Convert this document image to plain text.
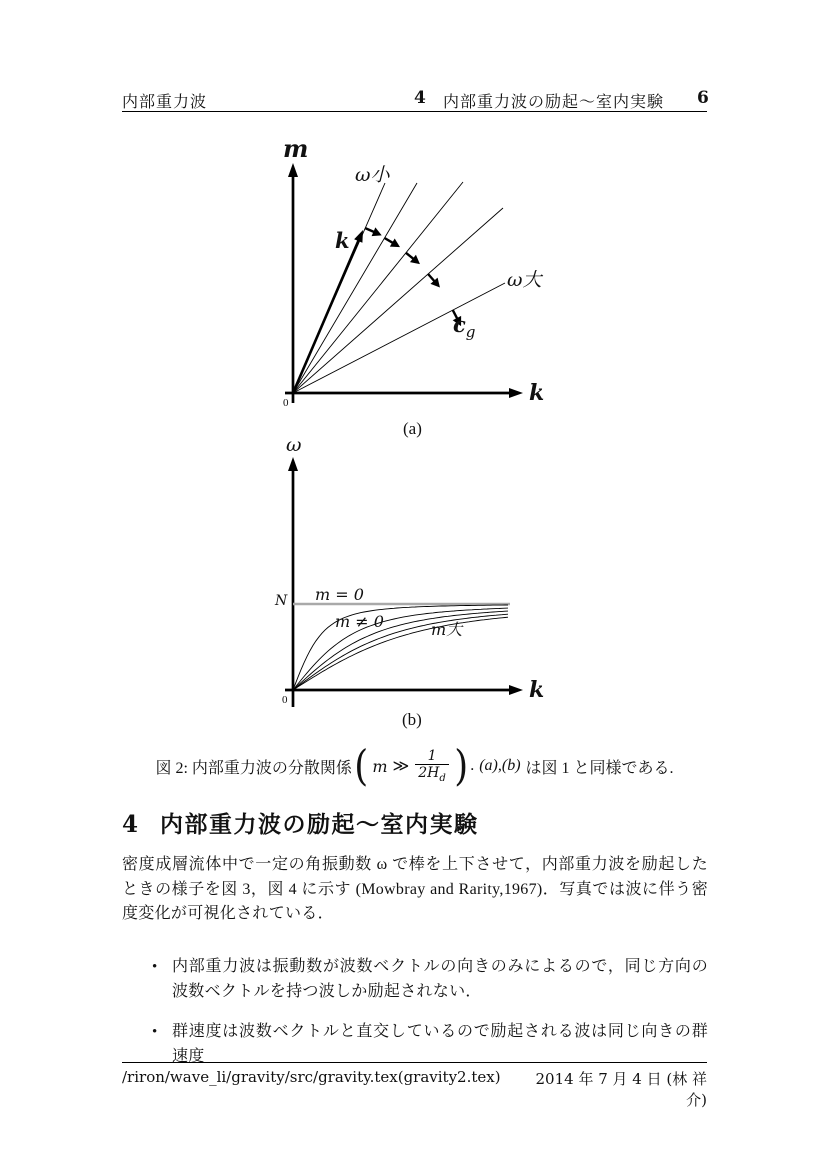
内部重力波	4 内部重力波の励起～室内実験 6
m
ω小
k
ω大
$c_g$
k
0
(a)
ω
N m = 0
m ≠ 0	m大
k
0
(b)
図 2: 内部重力波の分散関係 ( m ≫ $\frac{1}{2H_d}$ ) . (a),(b) は図 1 と同様である.
4 内部重力波の励起～室内実験
密度成層流体中で一定の角振動数 ω で棒を上下させて，内部重力波を励起したときの様子を図 3，図 4 に示す (Mowbray and Rarity,1967)．写真では波に伴う密度変化が可視化されている．
• 内部重力波は振動数が波数ベクトルの向きのみによるので，同じ方向の波数ベクトルを持つ波しか励起されない．
• 群速度は波数ベクトルと直交しているので励起される波は同じ向きの群速度
/riron/wave_li/gravity/src/gravity.tex(gravity2.tex)	2014 年 7 月 4 日 (林 祥介)
